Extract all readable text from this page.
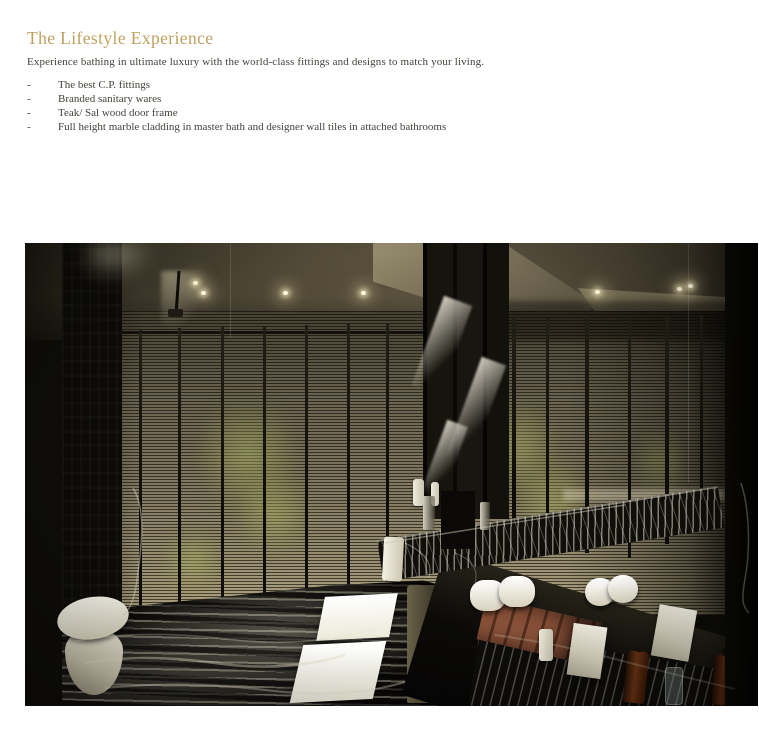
The Lifestyle Experience
Experience bathing in ultimate luxury with the world-class fittings and designs to match your living.
-	The best C.P. fittings
-	Branded sanitary wares
-	Teak/ Sal wood door frame
-	Full height marble cladding in master bath and designer wall tiles in attached bathrooms
